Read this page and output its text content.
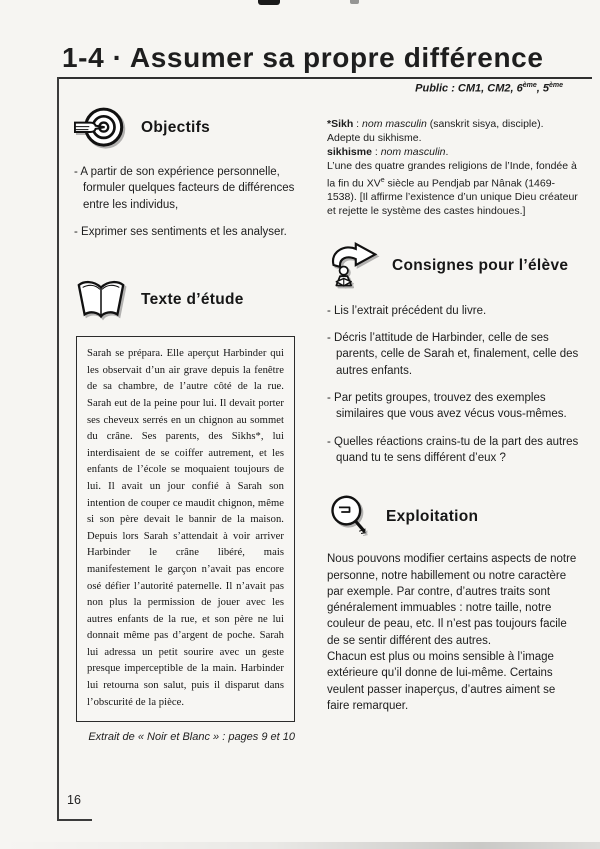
1-4 · Assumer sa propre différence
Public : CM1, CM2, 6ème, 5ème
16
Objectifs
- A partir de son expérience personnelle, formuler quelques facteurs de différences entre les individus,
- Exprimer ses sentiments et les analyser.
Texte d’étude
Sarah se prépara. Elle aperçut Harbinder qui les observait d’un air grave depuis la fenêtre de sa chambre, de l’autre côté de la rue. Sarah eut de la peine pour lui. Il devait porter ses cheveux serrés en un chignon au sommet du crâne. Ses parents, des Sikhs*, lui interdisaient de se coiffer autrement, et les enfants de l’école se moquaient toujours de lui. Il avait un jour confié à Sarah son intention de couper ce maudit chignon, même si son père devait le bannir de la maison. Depuis lors Sarah s’attendait à voir arriver Harbinder le crâne libéré, mais manifestement le garçon n’avait pas encore osé défier l’autorité paternelle. Il n’avait pas non plus la permission de jouer avec les autres enfants de la rue, et son père ne lui donnait même pas d’argent de poche. Sarah lui adressa un petit sourire avec un geste presque imperceptible de la main. Harbinder lui retourna son salut, puis il disparut dans l’obscurité de la pièce.
Extrait de « Noir et Blanc » : pages 9 et 10
*Sikh : nom masculin (sanskrit sisya, disciple).
Adepte du sikhisme.
sikhisme : nom masculin.
L’une des quatre grandes religions de l’Inde, fondée à la fin du XVe siècle au Pendjab par Nânak (1469-1538). [Il affirme l’existence d’un unique Dieu créateur et rejette le système des castes hindoues.]
Consignes pour l’élève
- Lis l’extrait précédent du livre.
- Décris l’attitude de Harbinder, celle de ses parents, celle de Sarah et, finalement, celle des autres enfants.
- Par petits groupes, trouvez des exemples similaires que vous avez vécus vous-mêmes.
- Quelles réactions crains-tu de la part des autres quand tu te sens différent d’eux ?
Exploitation
Nous pouvons modifier certains aspects de notre personne, notre habillement ou notre caractère par exemple. Par contre, d’autres traits sont généralement immuables : notre taille, notre couleur de peau, etc. Il n’est pas toujours facile de se sentir différent des autres.
Chacun est plus ou moins sensible à l’image extérieure qu’il donne de lui-même. Certains veulent passer inaperçus, d’autres aiment se faire remarquer.
